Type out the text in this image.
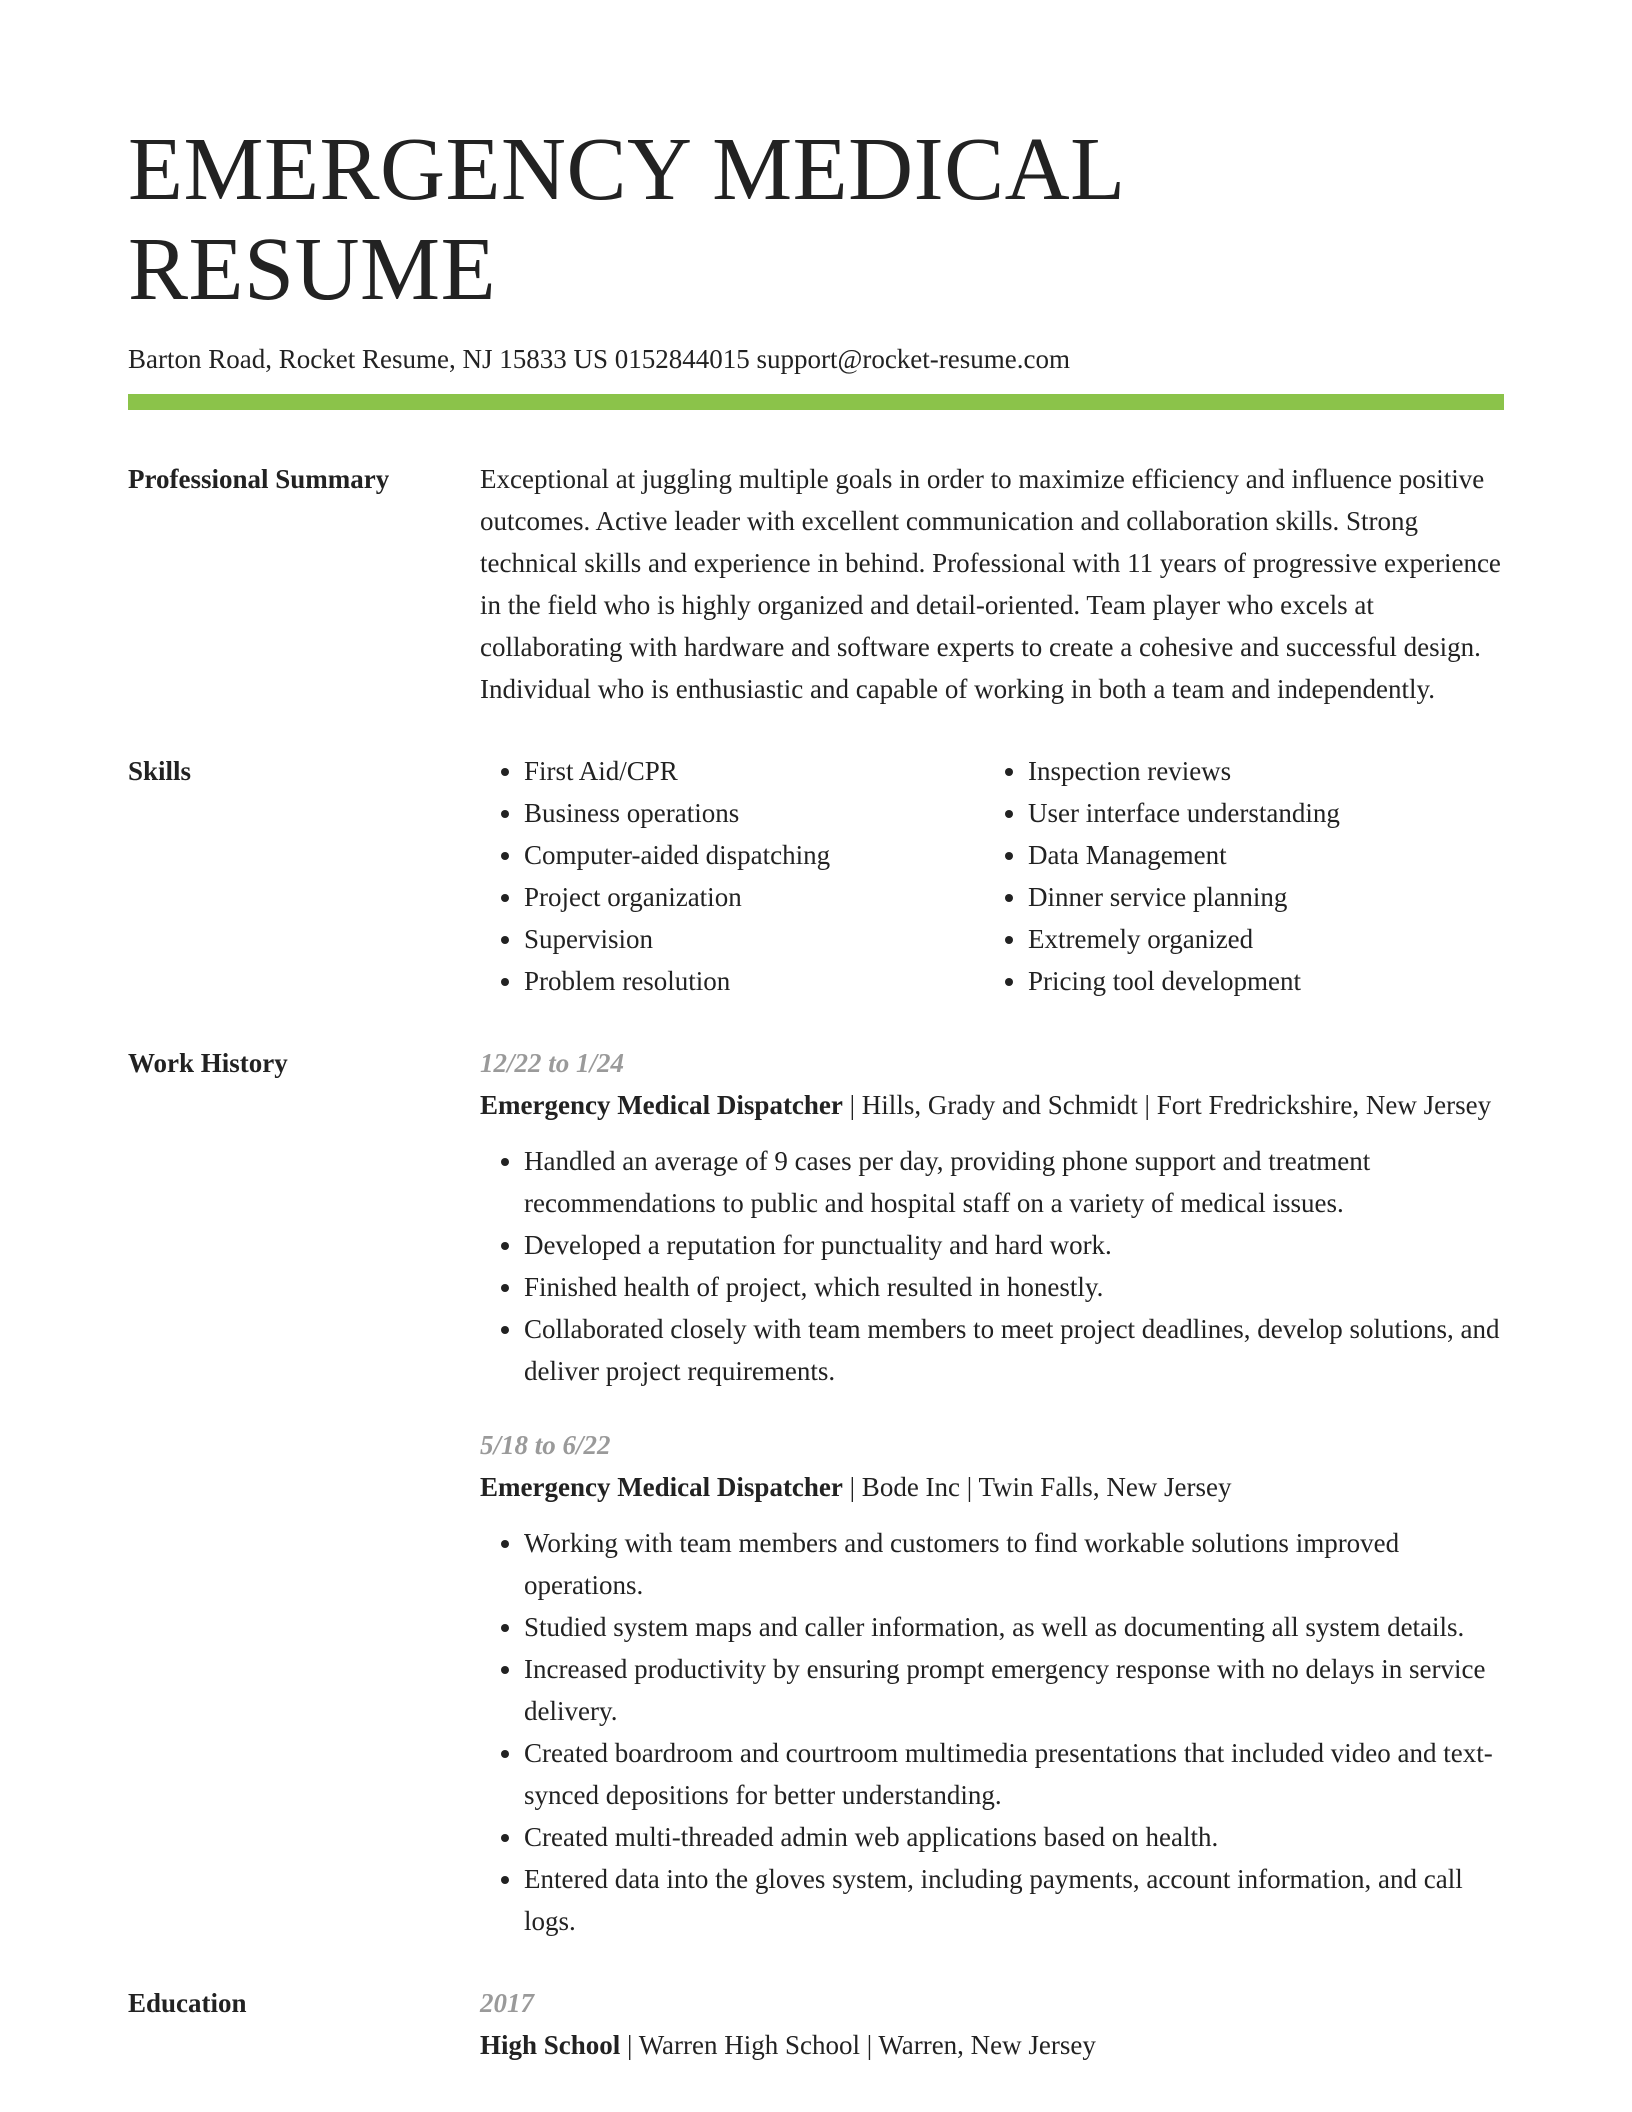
EMERGENCY MEDICAL RESUME
Barton Road, Rocket Resume, NJ 15833 US 0152844015 support@rocket-resume.com
Professional Summary	Exceptional at juggling multiple goals in order to maximize efficiency and influence positive outcomes. Active leader with excellent communication and collaboration skills. Strong technical skills and experience in behind. Professional with 11 years of progressive experience in the field who is highly organized and detail-oriented. Team player who excels at collaborating with hardware and software experts to create a cohesive and successful design. Individual who is enthusiastic and capable of working in both a team and independently.

Skills
•	First Aid/CPR
• Business operations
• Computer-aided dispatching
• Project organization
• Supervision
• Problem resolution
• Inspection reviews
• User interface understanding
• Data Management
• Dinner service planning
• Extremely organized
• Pricing tool development
Work History	12/22 to 1/24
Emergency Medical Dispatcher | Hills, Grady and Schmidt | Fort Fredrickshire, New Jersey
• Handled an average of 9 cases per day, providing phone support and treatment recommendations to public and hospital staff on a variety of medical issues.
• Developed a reputation for punctuality and hard work.
• Finished health of project, which resulted in honestly.
• Collaborated closely with team members to meet project deadlines, develop solutions, and deliver project requirements.
5/18 to 6/22
Emergency Medical Dispatcher | Bode Inc | Twin Falls, New Jersey
• Working with team members and customers to find workable solutions improved operations.
• Studied system maps and caller information, as well as documenting all system details.
• Increased productivity by ensuring prompt emergency response with no delays in service delivery.
• Created boardroom and courtroom multimedia presentations that included video and text-synced depositions for better understanding.
• Created multi-threaded admin web applications based on health.
• Entered data into the gloves system, including payments, account information, and call logs.
Education	2017
High School | Warren High School | Warren, New Jersey
